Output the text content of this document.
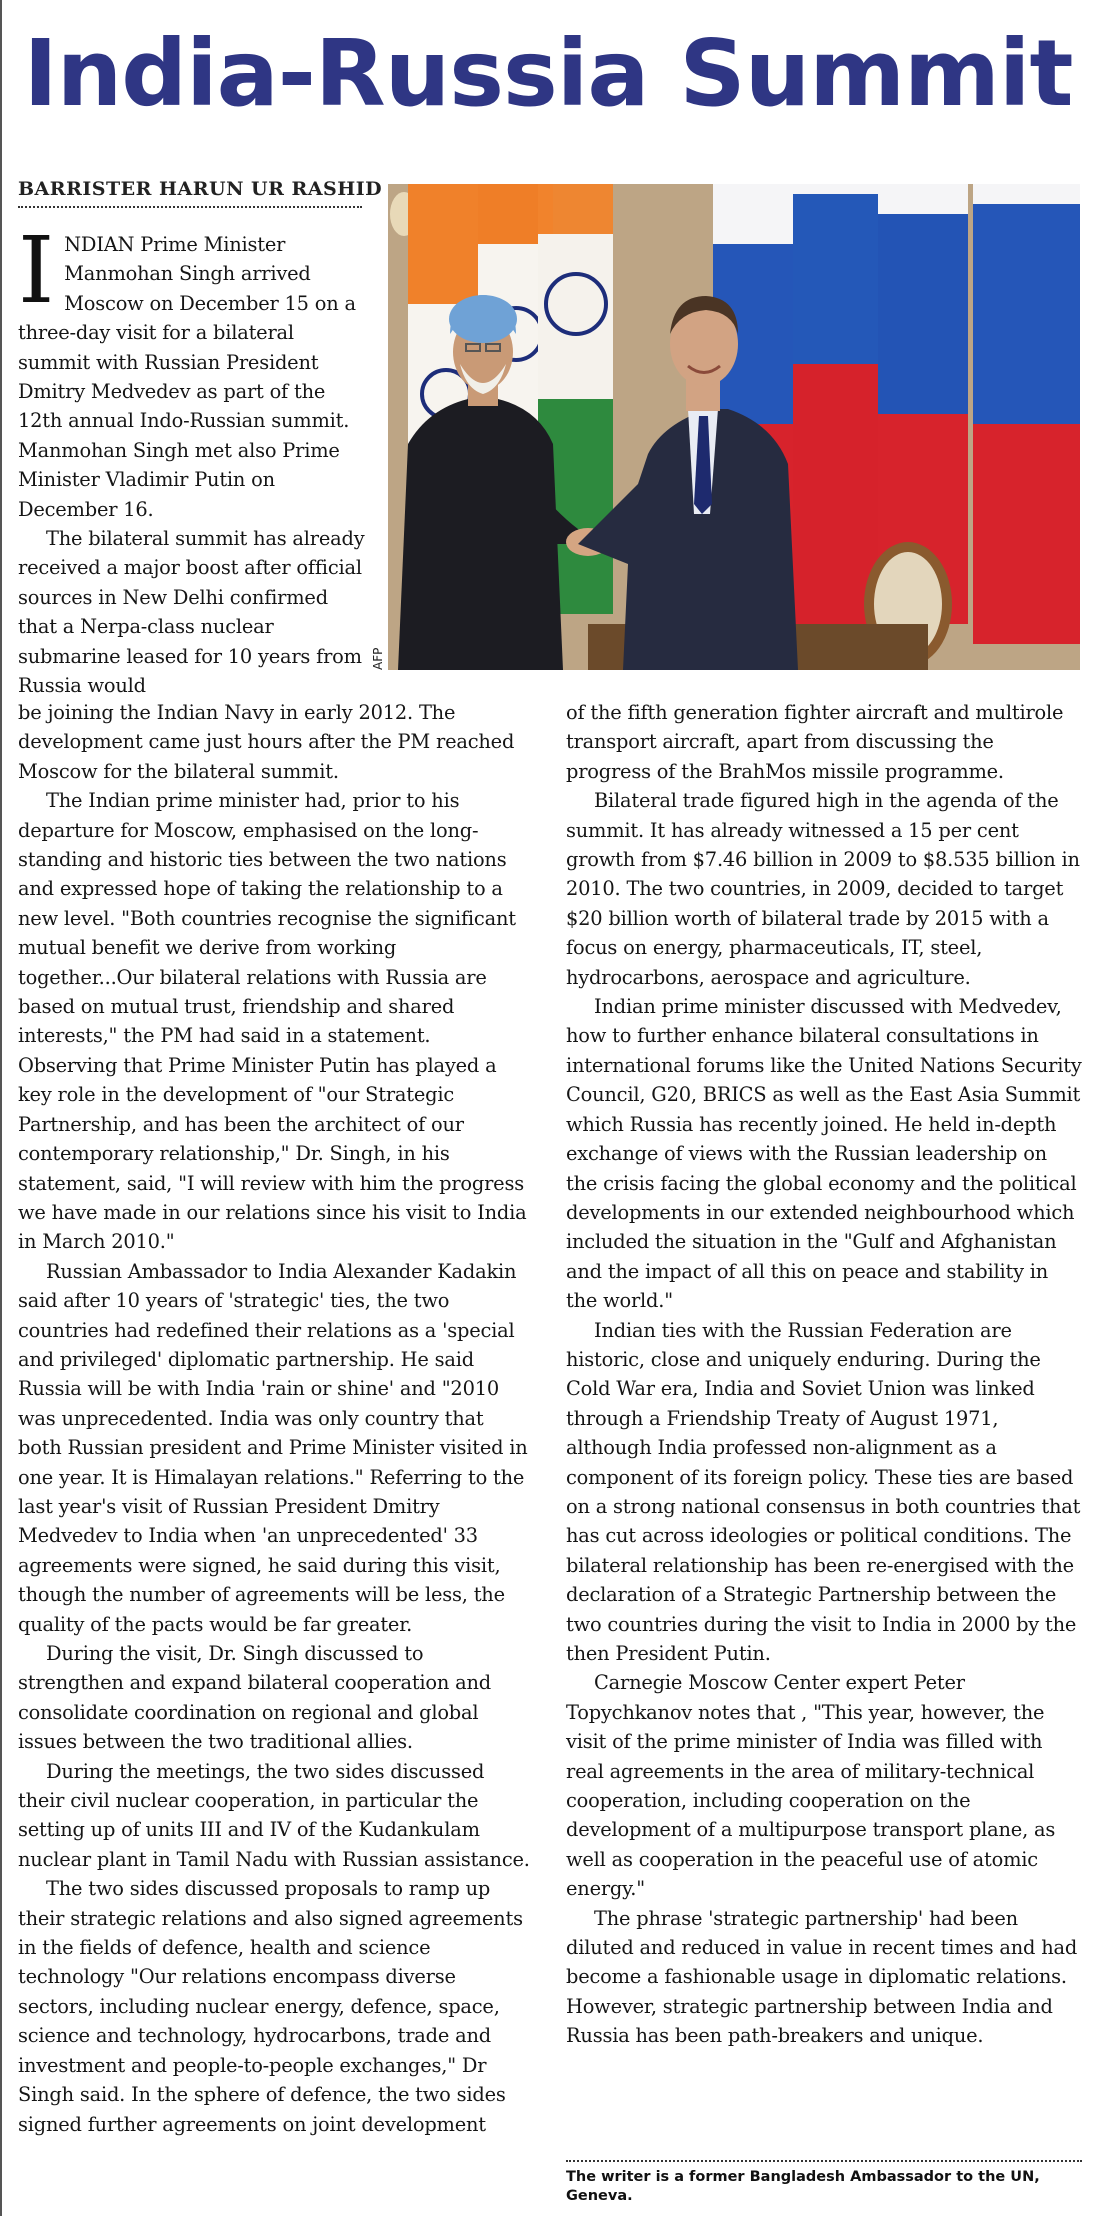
India-Russia Summit
BARRISTER HARUN UR RASHID
AFP

INDIAN Prime Minister Manmohan Singh arrived Moscow on December 15 on a three-day visit for a bilateral summit with Russian President Dmitry Medvedev as part of the 12th annual Indo-Russian summit. Manmohan Singh met also Prime Minister Vladimir Putin on December 16.

The bilateral summit has already received a major boost after official sources in New Delhi confirmed that a Nerpa-class nuclear submarine leased for 10 years from Russia would

be joining the Indian Navy in early 2012. The development came just hours after the PM reached Moscow for the bilateral summit.

The Indian prime minister had, prior to his departure for Moscow, emphasised on the long-standing and historic ties between the two nations and expressed hope of taking the relationship to a new level. "Both countries recognise the significant mutual benefit we derive from working together...Our bilateral relations with Russia are based on mutual trust, friendship and shared interests," the PM had said in a statement. Observing that Prime Minister Putin has played a key role in the development of "our Strategic Partnership, and has been the architect of our contemporary relationship," Dr. Singh, in his statement, said, "I will review with him the progress we have made in our relations since his visit to India in March 2010."

Russian Ambassador to India Alexander Kadakin said after 10 years of 'strategic' ties, the two countries had redefined their relations as a 'special and privileged' diplomatic partnership. He said Russia will be with India 'rain or shine' and "2010 was unprecedented. India was only country that both Russian president and Prime Minister visited in one year. It is Himalayan relations." Referring to the last year's visit of Russian President Dmitry Medvedev to India when 'an unprecedented' 33 agreements were signed, he said during this visit, though the number of agreements will be less, the quality of the pacts would be far greater.

During the visit, Dr. Singh discussed to strengthen and expand bilateral cooperation and consolidate coordination on regional and global issues between the two traditional allies.

During the meetings, the two sides discussed their civil nuclear cooperation, in particular the setting up of units III and IV of the Kudankulam nuclear plant in Tamil Nadu with Russian assistance.

The two sides discussed proposals to ramp up their strategic relations and also signed agreements in the fields of defence, health and science technology "Our relations encompass diverse sectors, including nuclear energy, defence, space, science and technology, hydrocarbons, trade and investment and people-to-people exchanges," Dr Singh said. In the sphere of defence, the two sides signed further agreements on joint development

of the fifth generation fighter aircraft and multirole transport aircraft, apart from discussing the progress of the BrahMos missile programme.

Bilateral trade figured high in the agenda of the summit. It has already witnessed a 15 per cent growth from $7.46 billion in 2009 to $8.535 billion in 2010. The two countries, in 2009, decided to target $20 billion worth of bilateral trade by 2015 with a focus on energy, pharmaceuticals, IT, steel, hydrocarbons, aerospace and agriculture.

Indian prime minister discussed with Medvedev, how to further enhance bilateral consultations in international forums like the United Nations Security Council, G20, BRICS as well as the East Asia Summit which Russia has recently joined. He held in-depth exchange of views with the Russian leadership on the crisis facing the global economy and the political developments in our extended neighbourhood which included the situation in the "Gulf and Afghanistan and the impact of all this on peace and stability in the world."

Indian ties with the Russian Federation are historic, close and uniquely enduring. During the Cold War era, India and Soviet Union was linked through a Friendship Treaty of August 1971, although India professed non-alignment as a component of its foreign policy. These ties are based on a strong national consensus in both countries that has cut across ideologies or political conditions. The bilateral relationship has been re-energised with the declaration of a Strategic Partnership between the two countries during the visit to India in 2000 by the then President Putin.

Carnegie Moscow Center expert Peter Topychkanov notes that , "This year, however, the visit of the prime minister of India was filled with real agreements in the area of military-technical cooperation, including cooperation on the development of a multipurpose transport plane, as well as cooperation in the peaceful use of atomic energy."

The phrase 'strategic partnership' had been diluted and reduced in value in recent times and had become a fashionable usage in diplomatic relations. However, strategic partnership between India and Russia has been path-breakers and unique.

The writer is a former Bangladesh Ambassador to the UN, Geneva.
